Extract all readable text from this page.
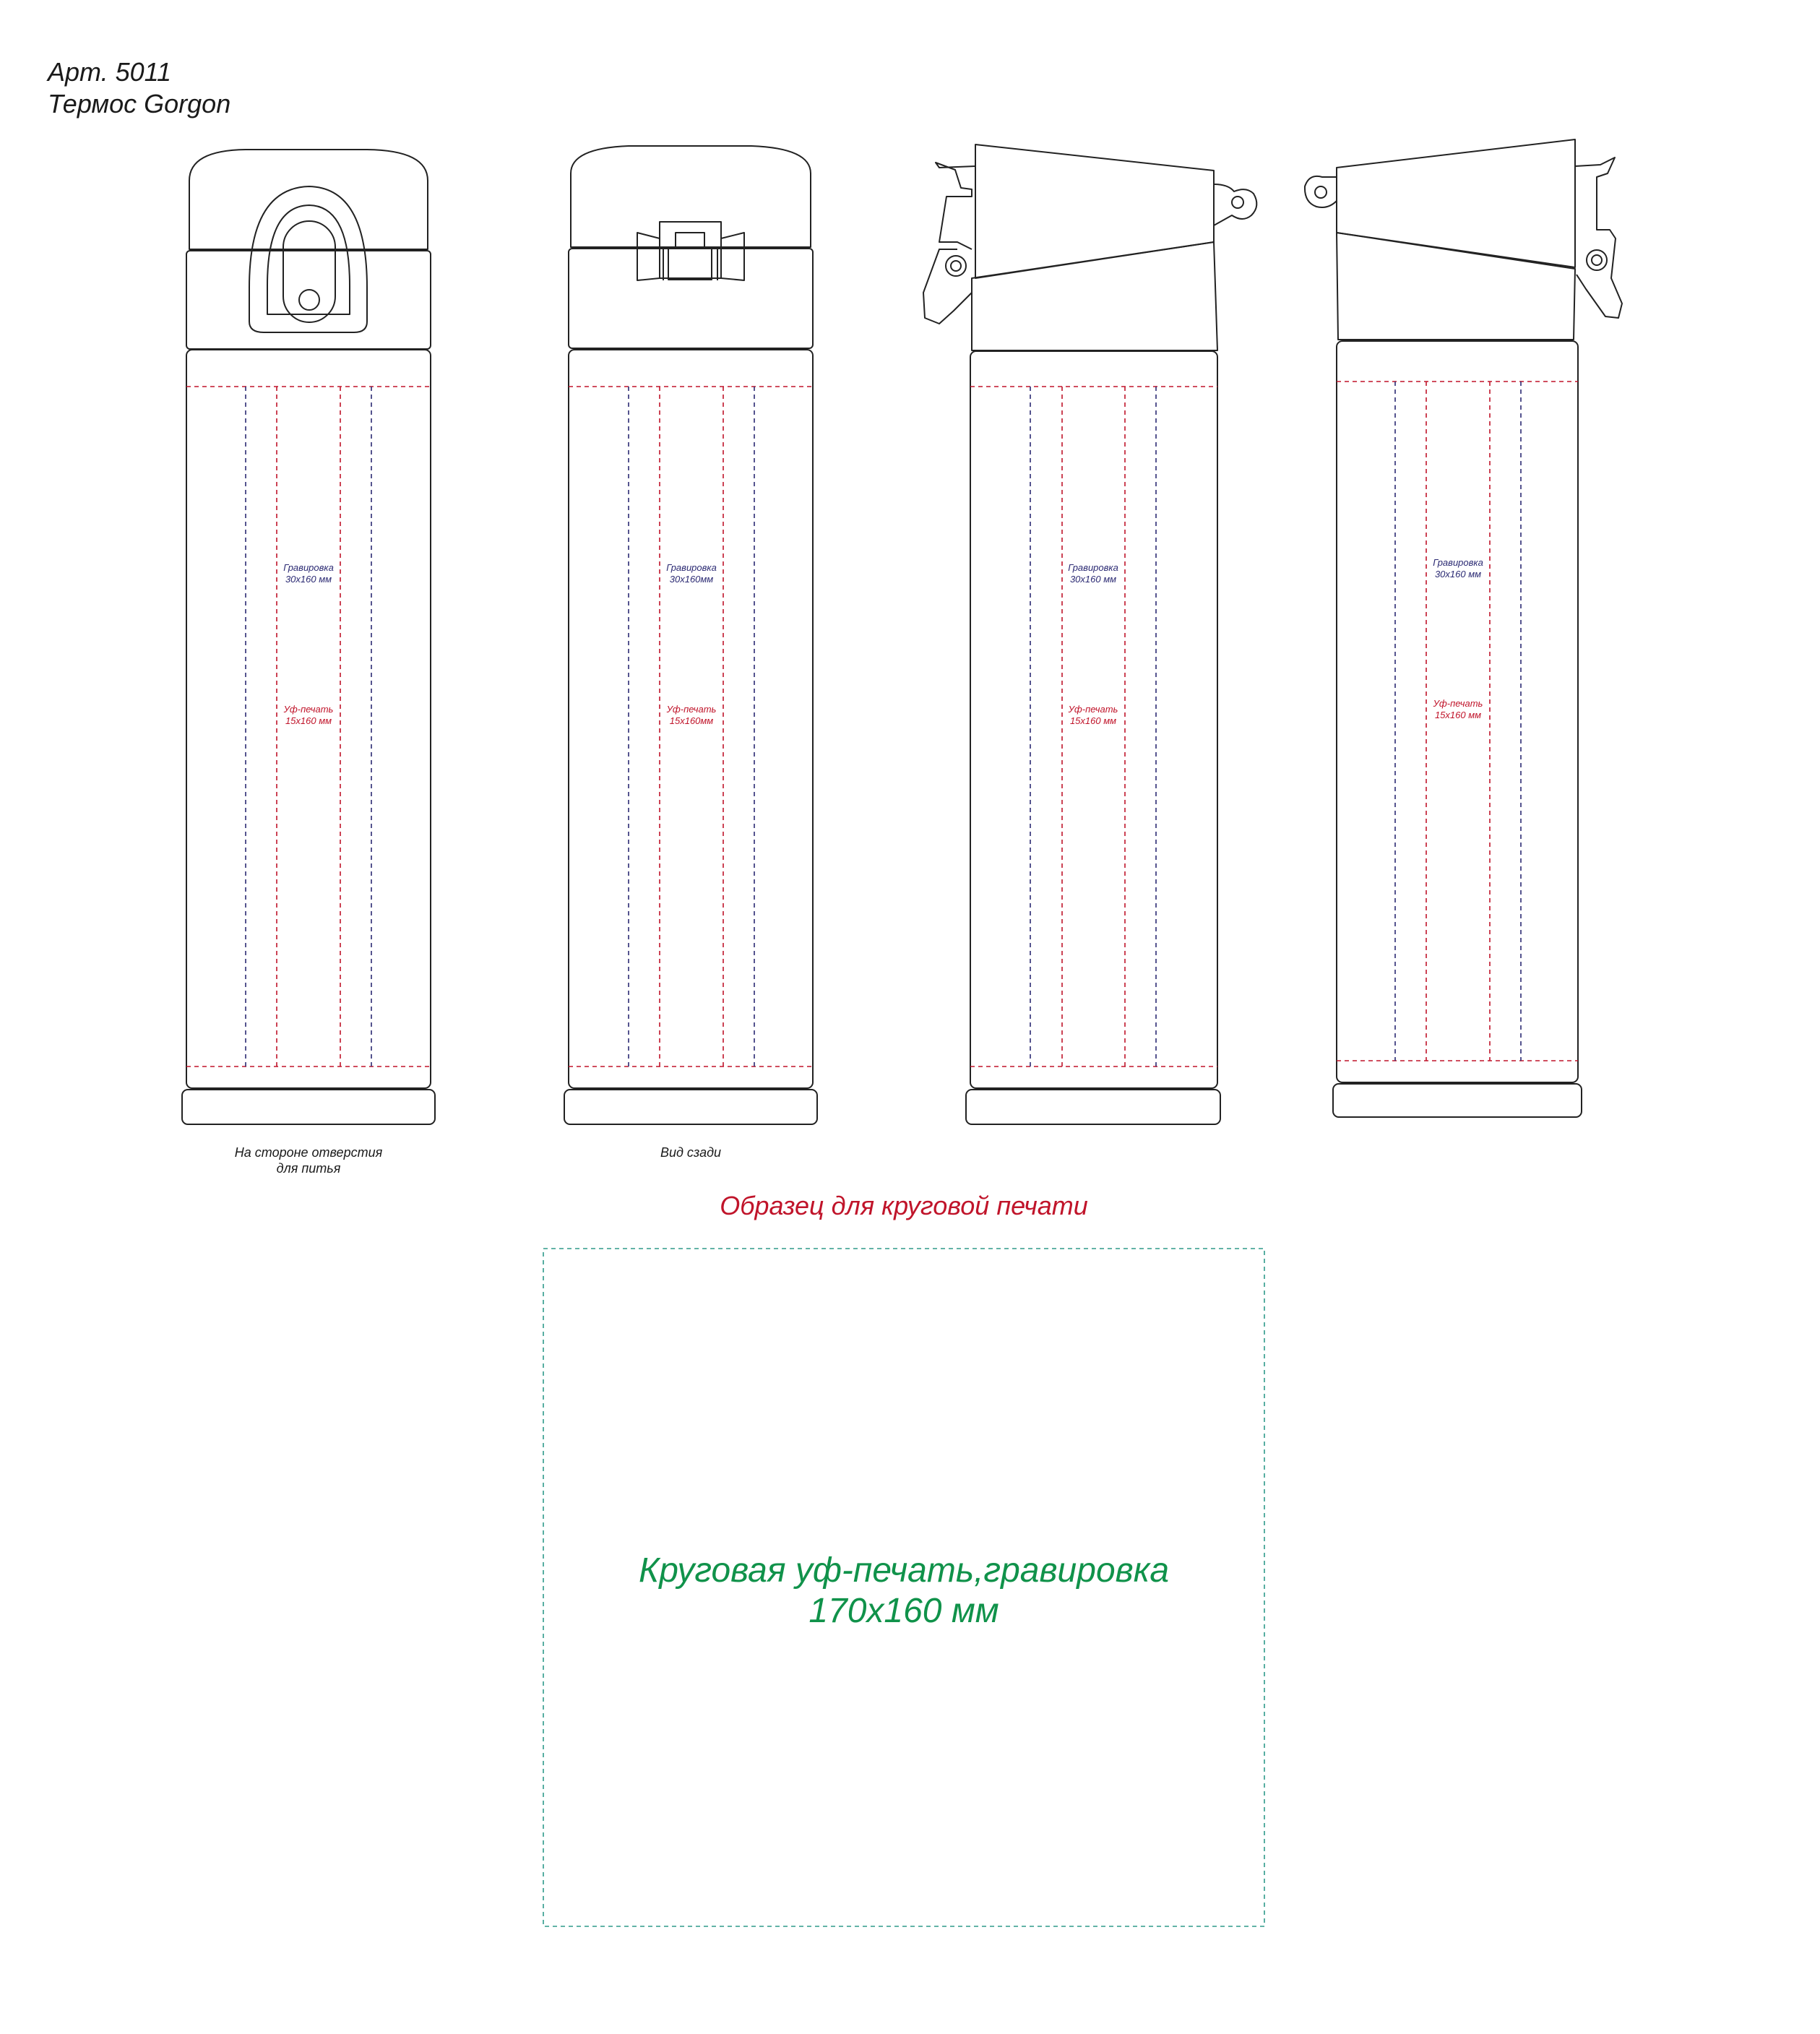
Арт. 5011
Термос Gorgon
Гравировка
30x160 мм
Уф-печать
15x160 мм
Гравировка
30x160мм
Уф-печать
15x160мм
Гравировка
30x160 мм
Уф-печать
15x160 мм
Гравировка
30x160 мм
Уф-печать
15x160 мм
На стороне отверстия
для питья
Вид сзади
Образец для круговой печати
Круговая уф-печать,гравировка
170x160 мм
